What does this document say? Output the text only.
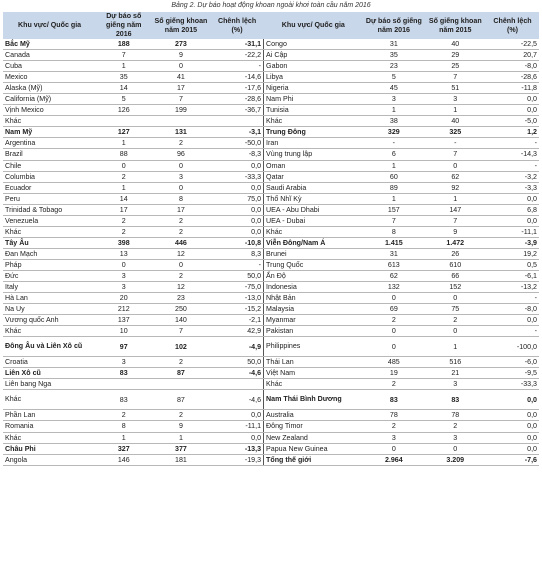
Bảng 2. Dự báo hoạt động khoan ngoài khơi toàn cầu năm 2016
Khu vực/ Quốc gia	Dự báo số giếng năm 2016	Số giếng khoan năm 2015	Chênh lệch (%)	Khu vực/ Quốc gia	Dự báo số giếng năm 2016	Số giếng khoan năm 2015	Chênh lệch (%)
Bắc Mỹ	188	273	-31,1	Congo	31	40	-22,5
Canada	7	9	-22,2	Ai Cập	35	29	20,7
Cuba	1	0	-	Gabon	23	25	-8,0
Mexico	35	41	-14,6	Libya	5	7	-28,6
Alaska (Mỹ)	14	17	-17,6	Nigeria	45	51	-11,8
California (Mỹ)	5	7	-28,6	Nam Phi	3	3	0,0
Vịnh Mexico	126	199	-36,7	Tunisia	1	1	0,0
Khác				Khác	38	40	-5,0
Nam Mỹ	127	131	-3,1	Trung Đông	329	325	1,2
Argentina	1	2	-50,0	Iran	-	-	-
Brazil	88	96	-8,3	Vùng trung lập	6	7	-14,3
Chile	0	0	0,0	Oman	1	0	-
Columbia	2	3	-33,3	Qatar	60	62	-3,2
Ecuador	1	0	0,0	Saudi Arabia	89	92	-3,3
Peru	14	8	75,0	Thổ Nhĩ Kỳ	1	1	0,0
Trinidad & Tobago	17	17	0,0	UEA - Abu Dhabi	157	147	6,8
Venezuela	2	2	0,0	UEA - Dubai	7	7	0,0
Khác	2	2	0,0	Khác	8	9	-11,1
Tây Âu	398	446	-10,8	Viễn Đông/Nam Á	1.415	1.472	-3,9
Đan Mạch	13	12	8,3	Brunei	31	26	19,2
Pháp	0	0	-	Trung Quốc	613	610	0,5
Đức	3	2	50,0	Ấn Độ	62	66	-6,1
Italy	3	12	-75,0	Indonesia	132	152	-13,2
Hà Lan	20	23	-13,0	Nhật Bản	0	0	-
Na Uy	212	250	-15,2	Malaysia	69	75	-8,0
Vương quốc Anh	137	140	-2,1	Myanmar	2	2	0,0
Khác	10	7	42,9	Pakistan	0	0	-
Đông Âu và Liên Xô cũ	97	102	-4,9	Philippines	0	1	-100,0
Croatia	3	2	50,0	Thái Lan	485	516	-6,0
Liên Xô cũ	83	87	-4,6	Việt Nam	19	21	-9,5
Liên bang Nga				Khác	2	3	-33,3
Khác	83	87	-4,6	Nam Thái Bình Dương	83	83	0,0
Phần Lan	2	2	0,0	Australia	78	78	0,0
Romania	8	9	-11,1	Đông Timor	2	2	0,0
Khác	1	1	0,0	New Zealand	3	3	0,0
Châu Phi	327	377	-13,3	Papua New Guinea	0	0	0,0
Angola	146	181	-19,3	Tổng thế giới	2.964	3.209	-7,6
